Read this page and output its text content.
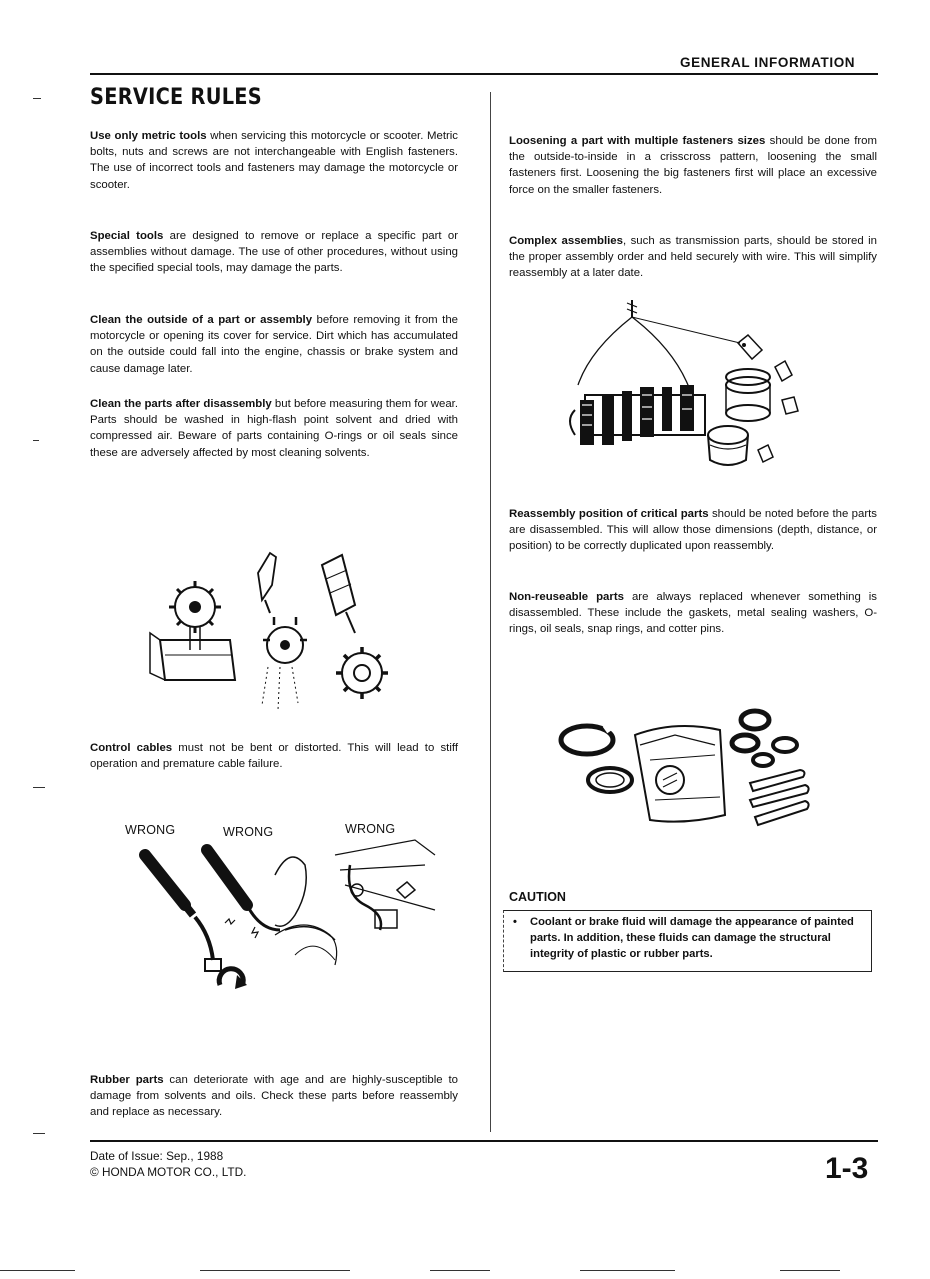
GENERAL INFORMATION
SERVICE RULES
Use only metric tools when servicing this motorcycle or scooter. Metric bolts, nuts and screws are not interchangeable with English fasteners. The use of incorrect tools and fasteners may damage the motorcycle or scooter.
Special tools are designed to remove or replace a specific part or assemblies without damage. The use of other procedures, without using the specified special tools, may damage the parts.
Clean the outside of a part or assembly before removing it from the motorcycle or opening its cover for service. Dirt which has accumulated on the outside could fall into the engine, chassis or brake system and cause damage later.
Clean the parts after disassembly but before measuring them for wear. Parts should be washed in high-flash point solvent and dried with compressed air. Beware of parts containing O-rings or oil seals since these are adversely affected by most cleaning solvents.
Control cables must not be bent or distorted. This will lead to stiff operation and premature cable failure.
WRONG	WRONG	WRONG
Rubber parts can deteriorate with age and are highly-susceptible to damage from solvents and oils. Check these parts before reassembly and replace as necessary.
Loosening a part with multiple fasteners sizes should be done from the outside-to-inside in a crisscross pattern, loosening the small fasteners first. Loosening the big fasteners first will place an excessive force on the smaller fasteners.
Complex assemblies, such as transmission parts, should be stored in the proper assembly order and held securely with wire. This will simplify reassembly at a later date.
Reassembly position of critical parts should be noted before the parts are disassembled. This will allow those dimensions (depth, distance, or position) to be correctly duplicated upon reassembly.
Non-reuseable parts are always replaced whenever something is disassembled. These include the gaskets, metal sealing washers, O-rings, oil seals, snap rings, and cotter pins.
CAUTION
•	Coolant or brake fluid will damage the appearance of painted parts. In addition, these fluids can damage the structural integrity of plastic or rubber parts.
Date of Issue: Sep., 1988
© HONDA MOTOR CO., LTD.	1-3
